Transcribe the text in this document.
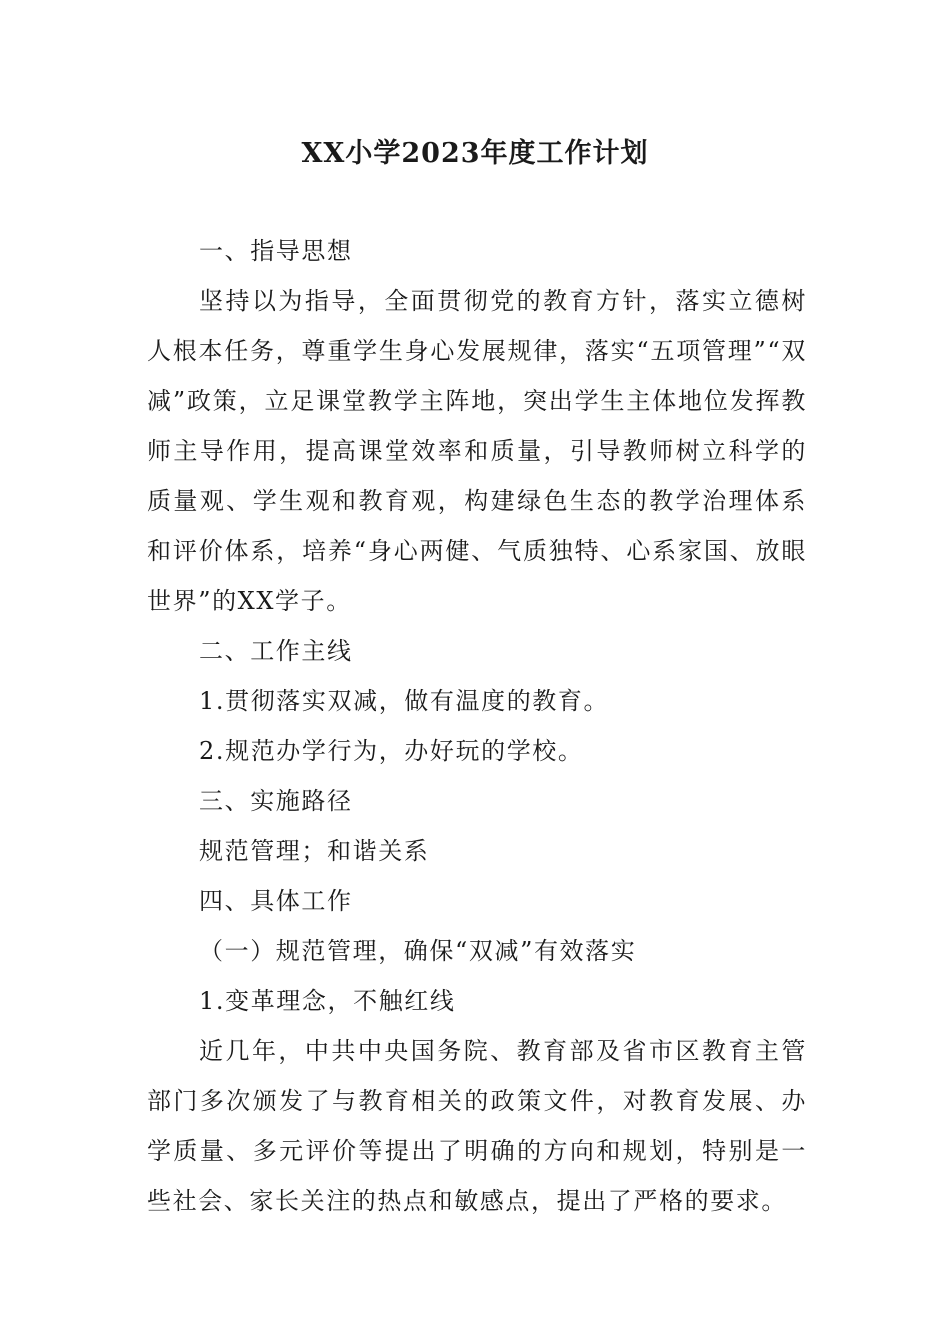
XX小学2023年度工作计划

一、指导思想

坚持以为指导，全面贯彻党的教育方针，落实立德树人根本任务，尊重学生身心发展规律，落实“五项管理”“双减”政策，立足课堂教学主阵地，突出学生主体地位发挥教师主导作用，提高课堂效率和质量，引导教师树立科学的质量观、学生观和教育观，构建绿色生态的教学治理体系和评价体系，培养“身心两健、气质独特、心系家国、放眼世界”的XX学子。

二、工作主线

1.贯彻落实双减，做有温度的教育。

2.规范办学行为，办好玩的学校。

三、实施路径

规范管理；和谐关系

四、具体工作

（一）规范管理，确保“双减”有效落实

1.变革理念，不触红线

近几年，中共中央国务院、教育部及省市区教育主管部门多次颁发了与教育相关的政策文件，对教育发展、办学质量、多元评价等提出了明确的方向和规划，特别是一些社会、家长关注的热点和敏感点，提出了严格的要求。
